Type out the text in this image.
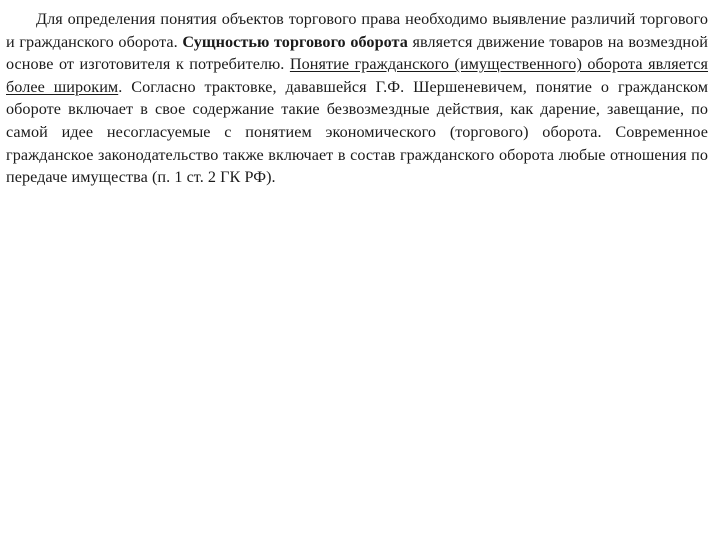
Для определения понятия объектов торгового права необходимо выявление различий торгового и гражданского оборота. Сущностью торгового оборота является движение товаров на возмездной основе от изготовителя к потребителю. Понятие гражданского (имущественного) оборота является более широким. Согласно трактовке, дававшейся Г.Ф. Шершеневичем, понятие о гражданском обороте включает в свое содержание такие безвозмездные действия, как дарение, завещание, по самой идее несогласуемые с понятием экономического (торгового) оборота. Современное гражданское законодательство также включает в состав гражданского оборота любые отношения по передаче имущества (п. 1 ст. 2 ГК РФ).
